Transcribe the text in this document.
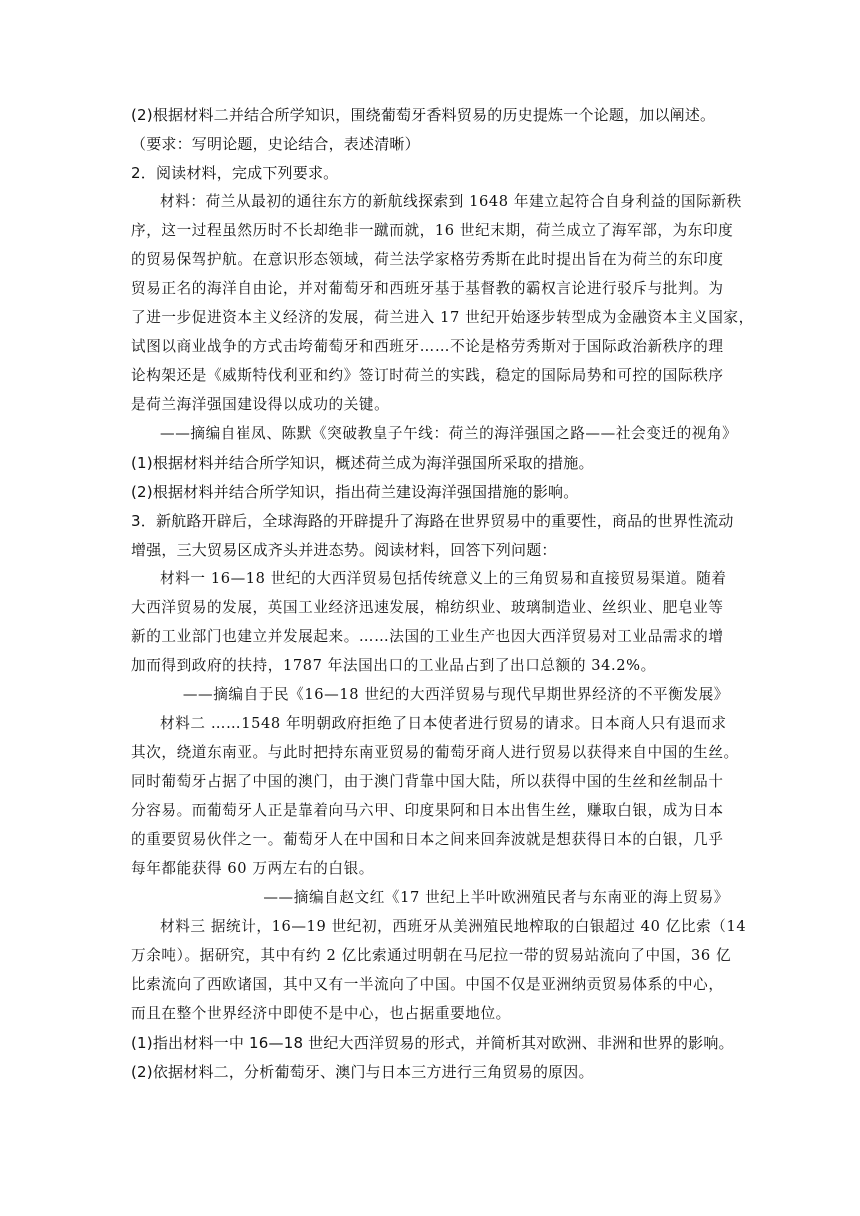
(2)根据材料二并结合所学知识，围绕葡萄牙香料贸易的历史提炼一个论题，加以阐述。
（要求：写明论题，史论结合，表述清晰）
2．阅读材料，完成下列要求。
材料：荷兰从最初的通往东方的新航线探索到 1648 年建立起符合自身利益的国际新秩
序，这一过程虽然历时不长却绝非一蹴而就，16 世纪末期，荷兰成立了海军部，为东印度
的贸易保驾护航。在意识形态领域，荷兰法学家格劳秀斯在此时提出旨在为荷兰的东印度
贸易正名的海洋自由论，并对葡萄牙和西班牙基于基督教的霸权言论进行驳斥与批判。为
了进一步促进资本主义经济的发展，荷兰进入 17 世纪开始逐步转型成为金融资本主义国家，
试图以商业战争的方式击垮葡萄牙和西班牙……不论是格劳秀斯对于国际政治新秩序的理
论构架还是《威斯特伐利亚和约》签订时荷兰的实践，稳定的国际局势和可控的国际秩序
是荷兰海洋强国建设得以成功的关键。
——摘编自崔凤、陈默《突破教皇子午线：荷兰的海洋强国之路——社会变迁的视角》
(1)根据材料并结合所学知识，概述荷兰成为海洋强国所采取的措施。
(2)根据材料并结合所学知识，指出荷兰建设海洋强国措施的影响。
3．新航路开辟后，全球海路的开辟提升了海路在世界贸易中的重要性，商品的世界性流动
增强，三大贸易区成齐头并进态势。阅读材料，回答下列问题：
材料一 16—18 世纪的大西洋贸易包括传统意义上的三角贸易和直接贸易渠道。随着
大西洋贸易的发展，英国工业经济迅速发展，棉纺织业、玻璃制造业、丝织业、肥皂业等
新的工业部门也建立并发展起来。……法国的工业生产也因大西洋贸易对工业品需求的增
加而得到政府的扶持，1787 年法国出口的工业品占到了出口总额的 34.2%。
——摘编自于民《16—18 世纪的大西洋贸易与现代早期世界经济的不平衡发展》
材料二 ……1548 年明朝政府拒绝了日本使者进行贸易的请求。日本商人只有退而求
其次，绕道东南亚。与此时把持东南亚贸易的葡萄牙商人进行贸易以获得来自中国的生丝。
同时葡萄牙占据了中国的澳门，由于澳门背靠中国大陆，所以获得中国的生丝和丝制品十
分容易。而葡萄牙人正是靠着向马六甲、印度果阿和日本出售生丝，赚取白银，成为日本
的重要贸易伙伴之一。葡萄牙人在中国和日本之间来回奔波就是想获得日本的白银，几乎
每年都能获得 60 万两左右的白银。
——摘编自赵文红《17 世纪上半叶欧洲殖民者与东南亚的海上贸易》
材料三 据统计，16—19 世纪初，西班牙从美洲殖民地榨取的白银超过 40 亿比索（14
万余吨）。据研究，其中有约 2 亿比索通过明朝在马尼拉一带的贸易站流向了中国，36 亿
比索流向了西欧诸国，其中又有一半流向了中国。中国不仅是亚洲纳贡贸易体系的中心，
而且在整个世界经济中即使不是中心，也占据重要地位。
(1)指出材料一中 16—18 世纪大西洋贸易的形式，并简析其对欧洲、非洲和世界的影响。
(2)依据材料二，分析葡萄牙、澳门与日本三方进行三角贸易的原因。
